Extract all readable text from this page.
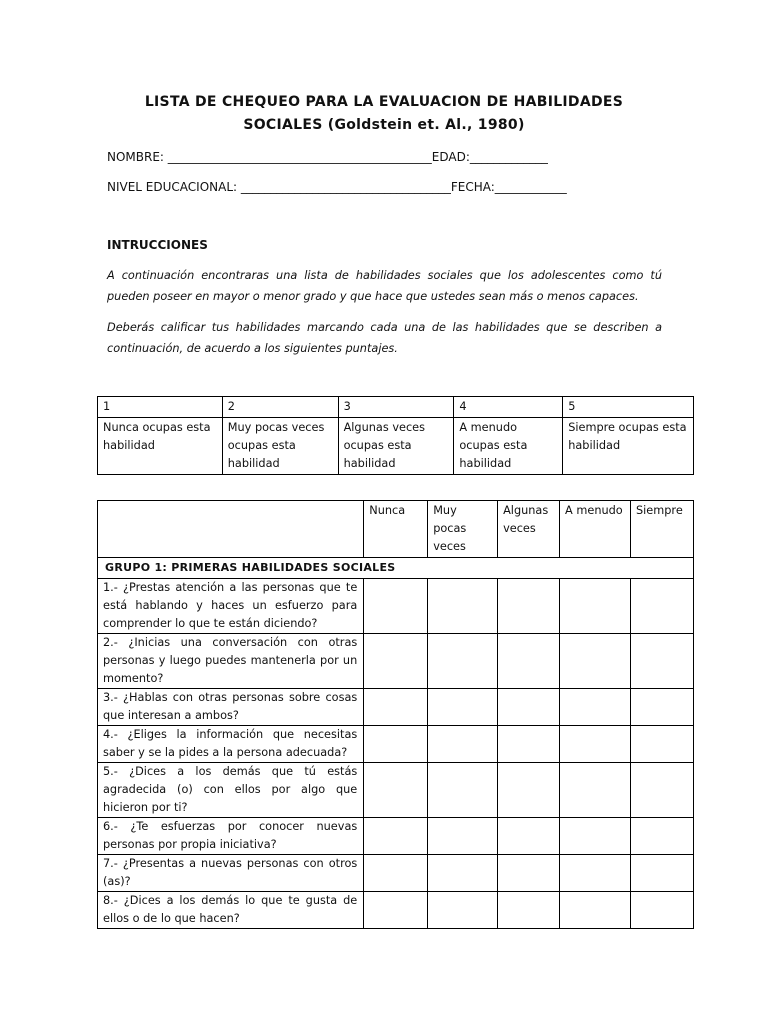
LISTA DE CHEQUEO PARA LA EVALUACION DE HABILIDADES
SOCIALES (Goldstein et. Al., 1980)
NOMBRE: ____________________________________________EDAD:_____________
NIVEL EDUCACIONAL: ___________________________________FECHA:____________
INTRUCCIONES
A continuación encontraras una lista de habilidades sociales que los adolescentes como tú pueden poseer en mayor o menor grado y que hace que ustedes sean más o menos capaces.
Deberás calificar tus habilidades marcando cada una de las habilidades que se describen a continuación, de acuerdo a los siguientes puntajes.
1	2	3	4	5
Nunca ocupas esta habilidad	Muy pocas veces ocupas esta habilidad	Algunas veces ocupas esta habilidad	A menudo ocupas esta habilidad	Siempre ocupas esta habilidad
	Nunca	Muy pocas veces	Algunas veces	A menudo	Siempre
GRUPO 1: PRIMERAS HABILIDADES SOCIALES					
1.- ¿Prestas atención a las personas que te está hablando y haces un esfuerzo para comprender lo que te están diciendo?					
2.- ¿Inicias una conversación con otras personas y luego puedes mantenerla por un momento?					
3.- ¿Hablas con otras personas sobre cosas que interesan a ambos?					
4.- ¿Eliges la información que necesitas saber y se la pides a la persona adecuada?					
5.- ¿Dices a los demás que tú estás agradecida (o) con ellos por algo que hicieron por ti?					
6.- ¿Te esfuerzas por conocer nuevas personas por propia iniciativa?					
7.- ¿Presentas a nuevas personas con otros (as)?					
8.- ¿Dices a los demás lo que te gusta de ellos o de lo que hacen?					
